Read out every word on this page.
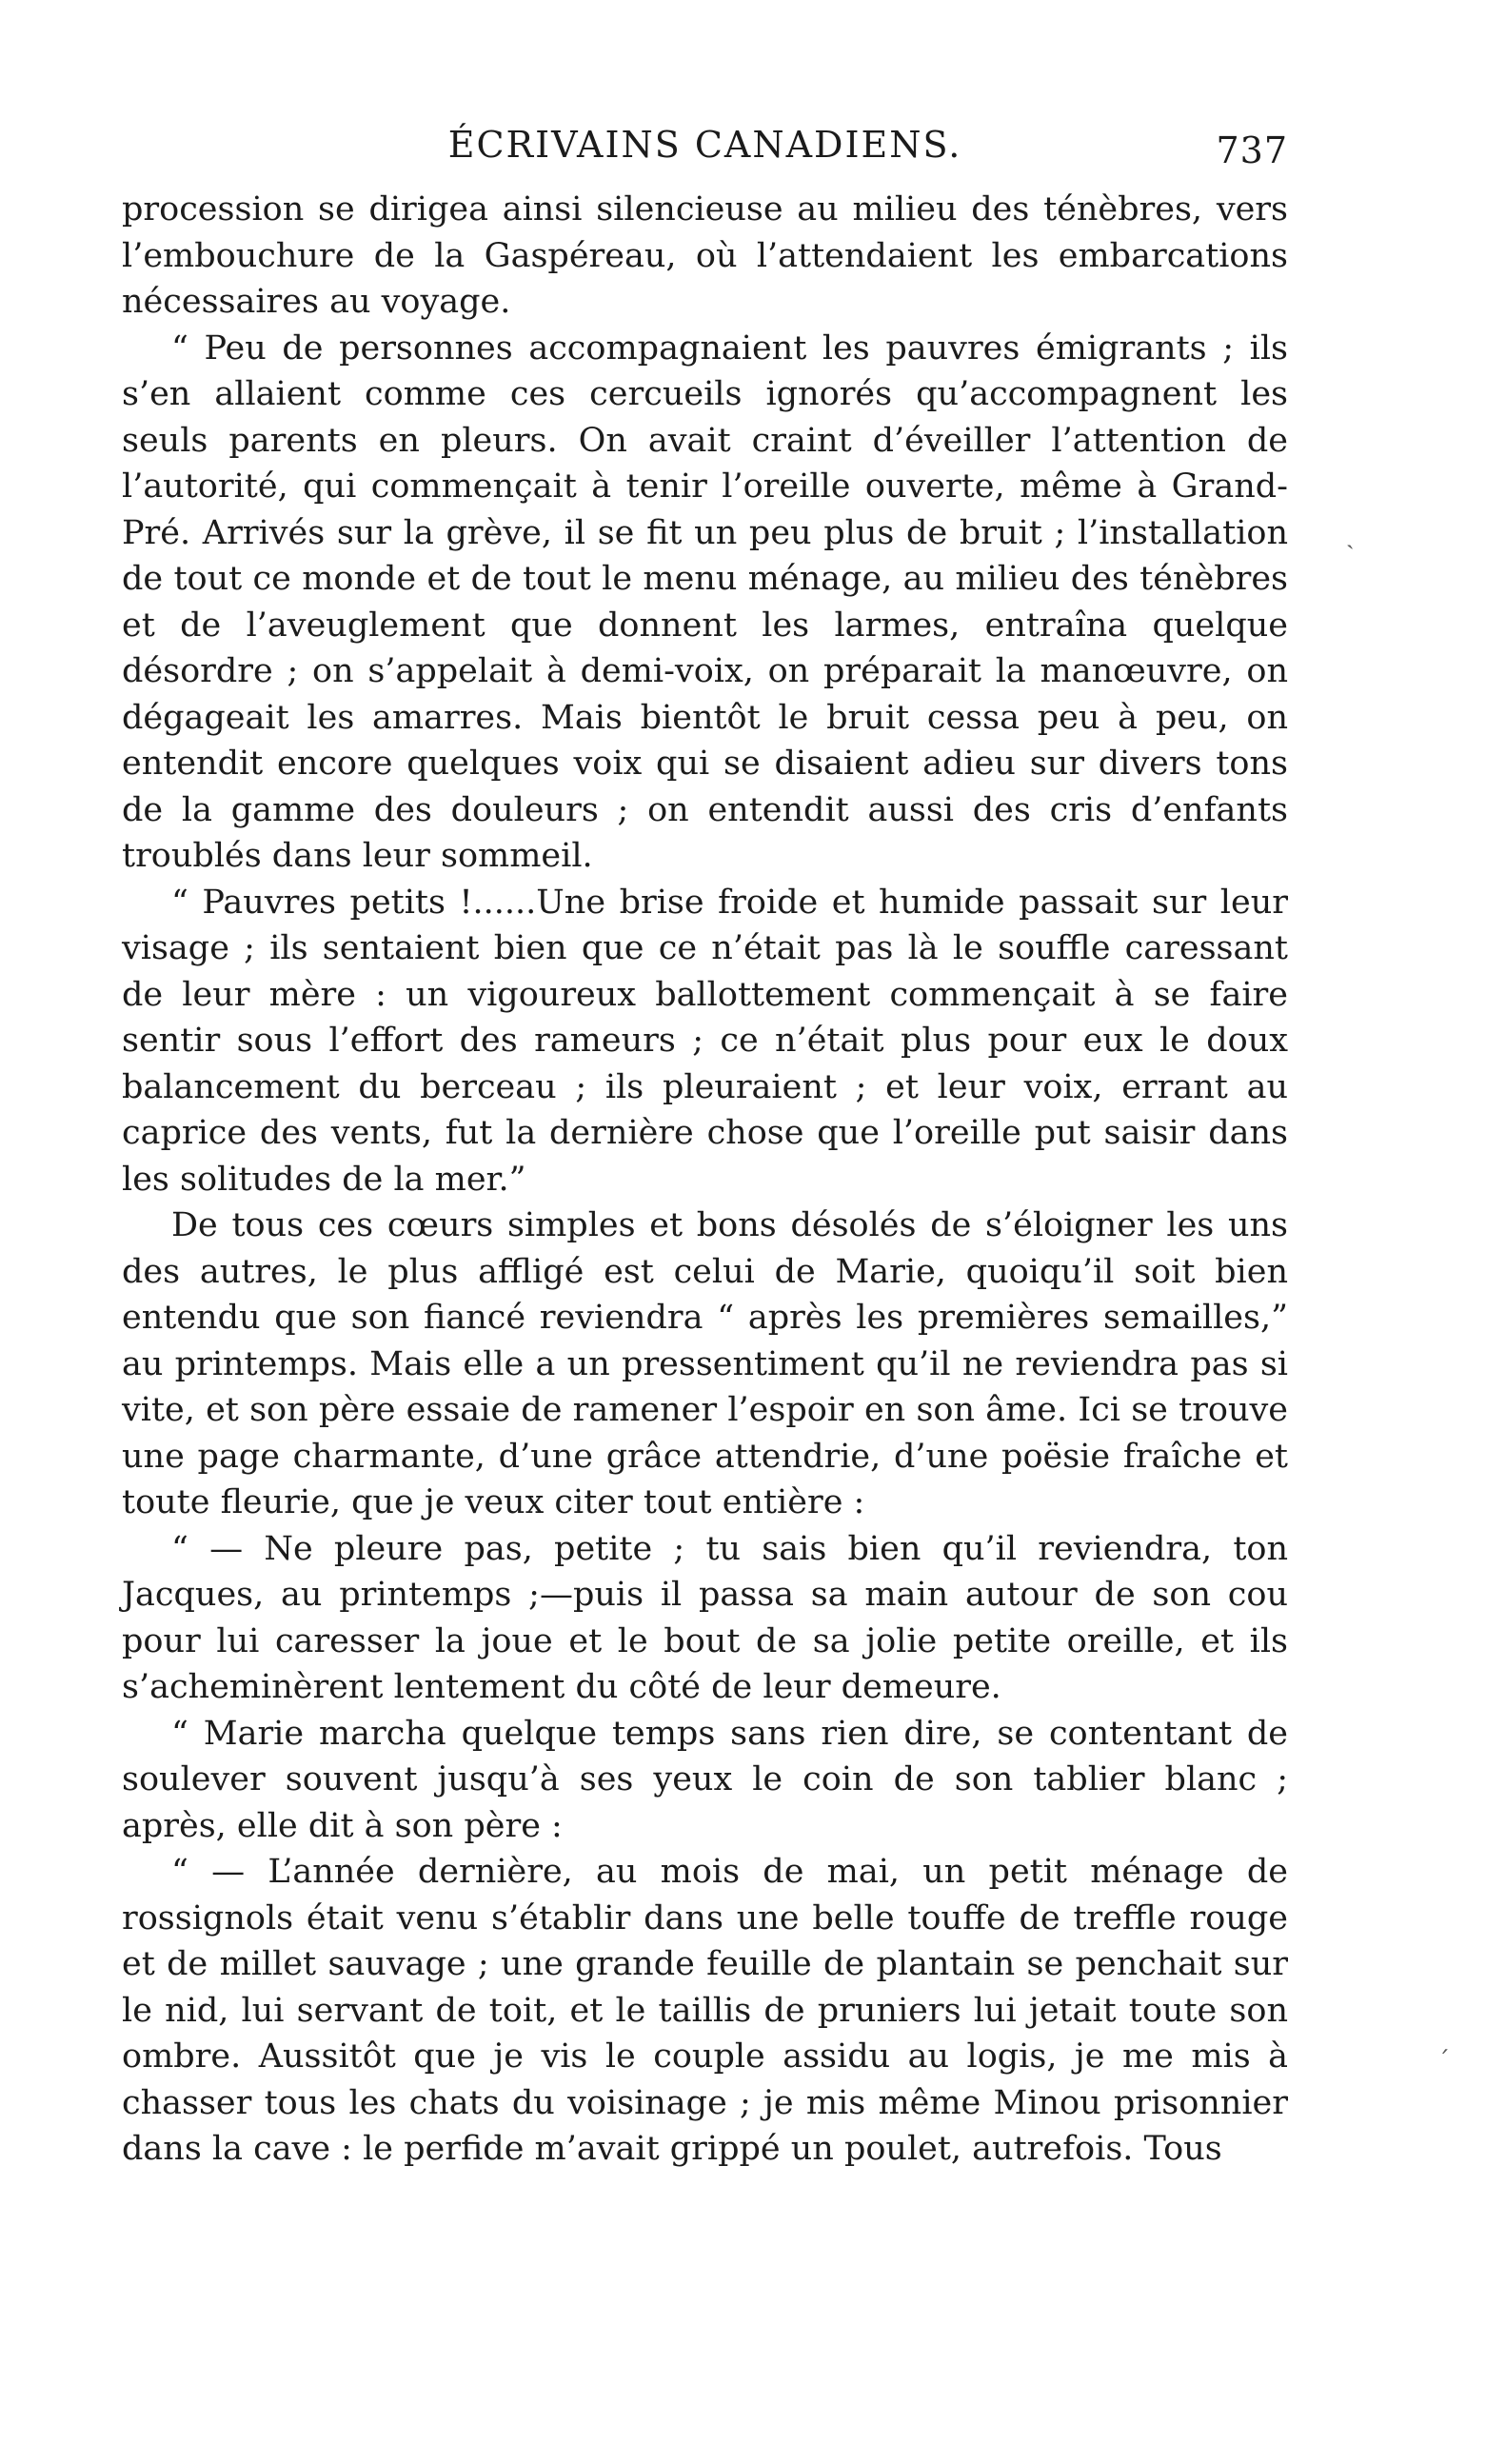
ÉCRIVAINS CANADIENS.	737

procession se dirigea ainsi silencieuse au milieu des ténèbres, vers l’embouchure de la Gaspéreau, où l’attendaient les embarcations nécessaires au voyage.

“ Peu de personnes accompagnaient les pauvres émigrants ; ils s’en allaient comme ces cercueils ignorés qu’accompagnent les seuls parents en pleurs. On avait craint d’éveiller l’attention de l’autorité, qui commençait à tenir l’oreille ouverte, même à Grand-Pré. Arrivés sur la grève, il se fit un peu plus de bruit ; l’installation de tout ce monde et de tout le menu ménage, au milieu des ténèbres et de l’aveuglement que donnent les larmes, entraîna quelque désordre ; on s’appelait à demi-voix, on préparait la manœuvre, on dégageait les amarres. Mais bientôt le bruit cessa peu à peu, on entendit encore quelques voix qui se disaient adieu sur divers tons de la gamme des douleurs ; on entendit aussi des cris d’enfants troublés dans leur sommeil.

“ Pauvres petits !......Une brise froide et humide passait sur leur visage ; ils sentaient bien que ce n’était pas là le souffle caressant de leur mère : un vigoureux ballottement commençait à se faire sentir sous l’effort des rameurs ; ce n’était plus pour eux le doux balancement du berceau ; ils pleuraient ; et leur voix, errant au caprice des vents, fut la dernière chose que l’oreille put saisir dans les solitudes de la mer.”

De tous ces cœurs simples et bons désolés de s’éloigner les uns des autres, le plus affligé est celui de Marie, quoiqu’il soit bien entendu que son fiancé reviendra “ après les premières semailles,” au printemps. Mais elle a un pressentiment qu’il ne reviendra pas si vite, et son père essaie de ramener l’espoir en son âme. Ici se trouve une page charmante, d’une grâce attendrie, d’une poësie fraîche et toute fleurie, que je veux citer tout entière :

“ — Ne pleure pas, petite ; tu sais bien qu’il reviendra, ton Jacques, au printemps ;—puis il passa sa main autour de son cou pour lui caresser la joue et le bout de sa jolie petite oreille, et ils s’acheminèrent lentement du côté de leur demeure.

“ Marie marcha quelque temps sans rien dire, se contentant de soulever souvent jusqu’à ses yeux le coin de son tablier blanc ; après, elle dit à son père :

“ — L’année dernière, au mois de mai, un petit ménage de rossignols était venu s’établir dans une belle touffe de treffle rouge et de millet sauvage ; une grande feuille de plantain se penchait sur le nid, lui servant de toit, et le taillis de pruniers lui jetait toute son ombre. Aussitôt que je vis le couple assidu au logis, je me mis à chasser tous les chats du voisinage ; je mis même Minou prisonnier dans la cave : le perfide m’avait grippé un poulet, autrefois. Tous

ˎ
ˊ
